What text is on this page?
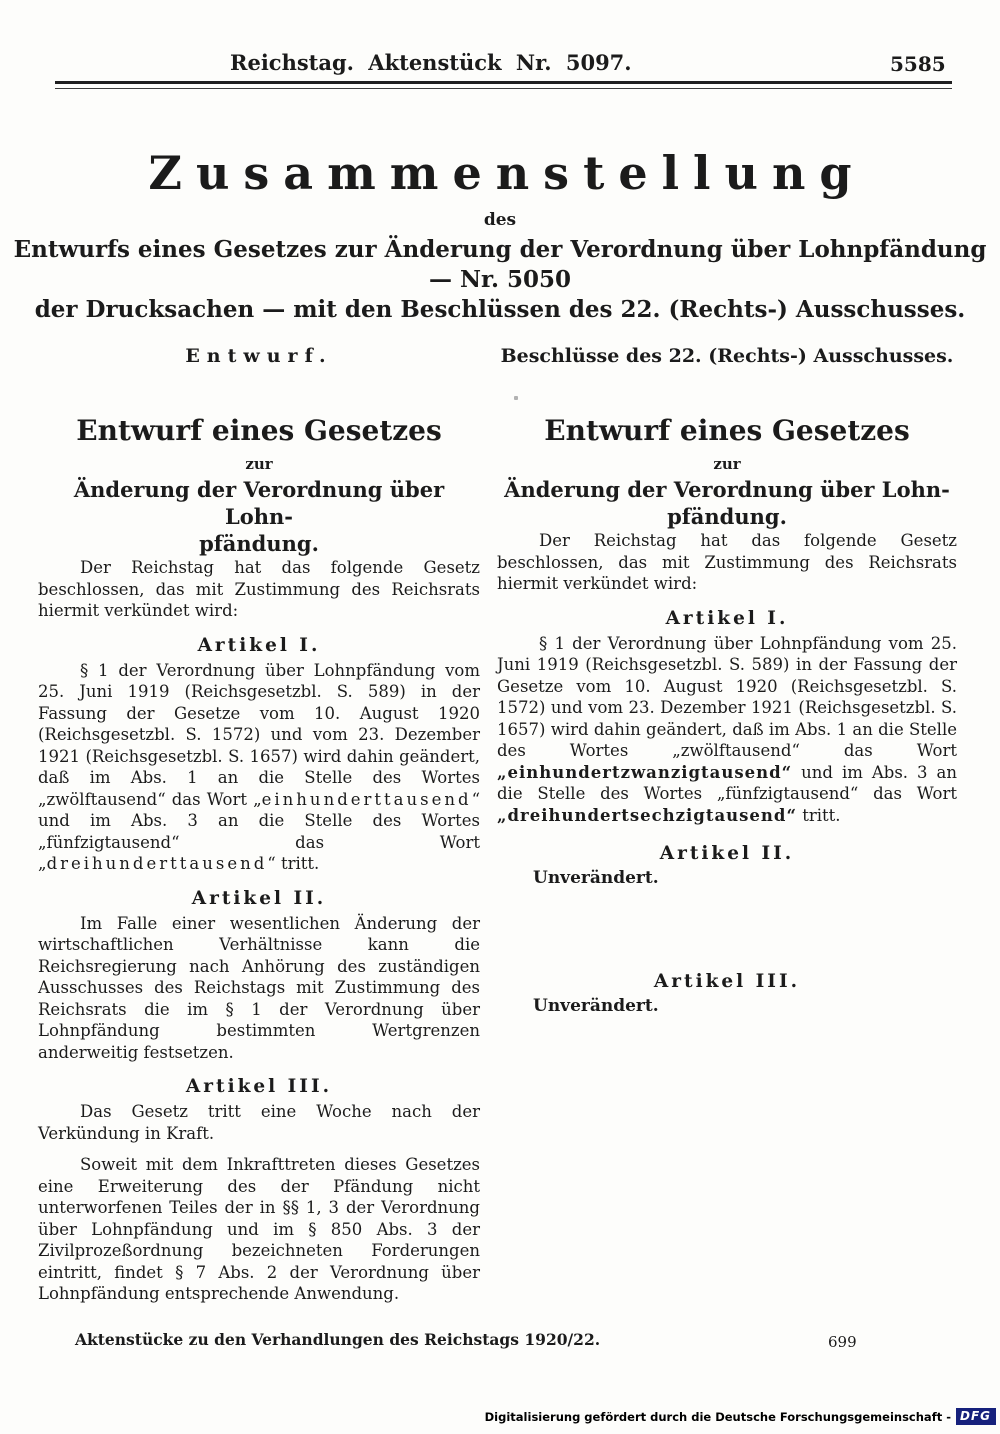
Reichstag. Aktenstück Nr. 5097.	5585
Zusammenstellung
des
Entwurfs eines Gesetzes zur Änderung der Verordnung über Lohnpfändung — Nr. 5050
der Drucksachen — mit den Beschlüssen des 22. (Rechts-) Ausschusses.
Entwurf.
Entwurf eines Gesetzes
zur
Änderung der Verordnung über Lohn-
pfändung.

Der Reichstag hat das folgende Gesetz beschlossen, das mit Zustimmung des Reichsrats hiermit verkündet wird:

Artikel I.

§ 1 der Verordnung über Lohnpfändung vom 25. Juni 1919 (Reichsgesetzbl. S. 589) in der Fassung der Gesetze vom 10. August 1920 (Reichsgesetzbl. S. 1572) und vom 23. Dezember 1921 (Reichsgesetzbl. S. 1657) wird dahin geändert, daß im Abs. 1 an die Stelle des Wortes „zwölftausend“ das Wort „einhunderttausend“ und im Abs. 3 an die Stelle des Wortes „fünfzigtausend“ das Wort „dreihunderttausend“ tritt.

Artikel II.

Im Falle einer wesentlichen Änderung der wirtschaftlichen Verhältnisse kann die Reichsregierung nach Anhörung des zuständigen Ausschusses des Reichstags mit Zustimmung des Reichsrats die im § 1 der Verordnung über Lohnpfändung bestimmten Wertgrenzen anderweitig festsetzen.

Artikel III.

Das Gesetz tritt eine Woche nach der Verkündung in Kraft.

Soweit mit dem Inkrafttreten dieses Gesetzes eine Erweiterung des der Pfändung nicht unterworfenen Teiles der in §§ 1, 3 der Verordnung über Lohnpfändung und im § 850 Abs. 3 der Zivilprozeßordnung bezeichneten Forderungen eintritt, findet § 7 Abs. 2 der Verordnung über Lohnpfändung entsprechende Anwendung.

Beschlüsse des 22. (Rechts-) Ausschusses.
Entwurf eines Gesetzes
zur
Änderung der Verordnung über Lohn-
pfändung.

Der Reichstag hat das folgende Gesetz beschlossen, das mit Zustimmung des Reichsrats hiermit verkündet wird:

Artikel I.

§ 1 der Verordnung über Lohnpfändung vom 25. Juni 1919 (Reichsgesetzbl. S. 589) in der Fassung der Gesetze vom 10. August 1920 (Reichsgesetzbl. S. 1572) und vom 23. Dezember 1921 (Reichsgesetzbl. S. 1657) wird dahin geändert, daß im Abs. 1 an die Stelle des Wortes „zwölftausend“ das Wort „einhundertzwanzigtausend“ und im Abs. 3 an die Stelle des Wortes „fünfzigtausend“ das Wort „dreihundertsechzigtausend“ tritt.

Artikel II.

Unverändert.

Artikel III.

Unverändert.

Aktenstücke zu den Verhandlungen des Reichstags 1920/22.	699
Digitalisierung gefördert durch die Deutsche Forschungsgemeinschaft - DFG
